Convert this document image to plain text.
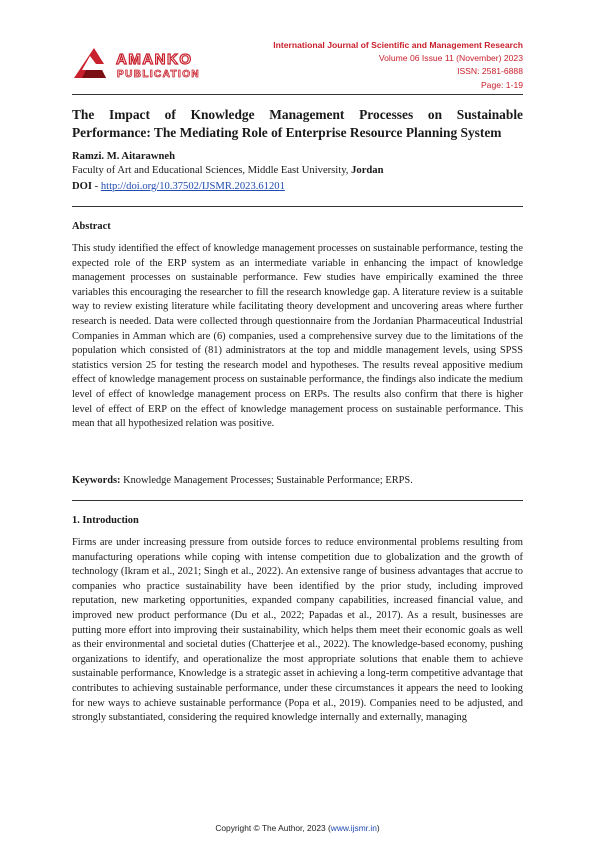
AMANKO
PUBLICATION
International Journal of Scientific and Management Research
Volume 06 Issue 11 (November) 2023
ISSN: 2581-6888
Page: 1-19
The Impact of Knowledge Management Processes on Sustainable Performance: The Mediating Role of Enterprise Resource Planning System
Ramzi. M. Aitarawneh
Faculty of Art and Educational Sciences, Middle East University, Jordan
DOI - http://doi.org/10.37502/IJSMR.2023.61201
Abstract

This study identified the effect of knowledge management processes on sustainable performance, testing the expected role of the ERP system as an intermediate variable in enhancing the impact of knowledge management processes on sustainable performance. Few studies have empirically examined the three variables this encouraging the researcher to fill the research knowledge gap. A literature review is a suitable way to review existing literature while facilitating theory development and uncovering areas where further research is needed. Data were collected through questionnaire from the Jordanian Pharmaceutical Industrial Companies in Amman which are (6) companies, used a comprehensive survey due to the limitations of the population which consisted of (81) administrators at the top and middle management levels, using SPSS statistics version 25 for testing the research model and hypotheses. The results reveal appositive medium effect of knowledge management process on sustainable performance, the findings also indicate the medium level of effect of knowledge management process on ERPs. The results also confirm that there is higher level of effect of ERP on the effect of knowledge management process on sustainable performance. This mean that all hypothesized relation was positive.

Keywords: Knowledge Management Processes; Sustainable Performance; ERPS.
1. Introduction

Firms are under increasing pressure from outside forces to reduce environmental problems resulting from manufacturing operations while coping with intense competition due to globalization and the growth of technology (Ikram et al., 2021; Singh et al., 2022). An extensive range of business advantages that accrue to companies who practice sustainability have been identified by the prior study, including improved reputation, new marketing opportunities, expanded company capabilities, increased financial value, and improved new product performance (Du et al., 2022; Papadas et al., 2017). As a result, businesses are putting more effort into improving their sustainability, which helps them meet their economic goals as well as their environmental and societal duties (Chatterjee et al., 2022). The knowledge-based economy, pushing organizations to identify, and operationalize the most appropriate solutions that enable them to achieve sustainable performance, Knowledge is a strategic asset in achieving a long-term competitive advantage that contributes to achieving sustainable performance, under these circumstances it appears the need to looking for new ways to achieve sustainable performance (Popa et al., 2019). Companies need to be adjusted, and strongly substantiated, considering the required knowledge internally and externally, managing

Copyright © The Author, 2023 (www.ijsmr.in)
